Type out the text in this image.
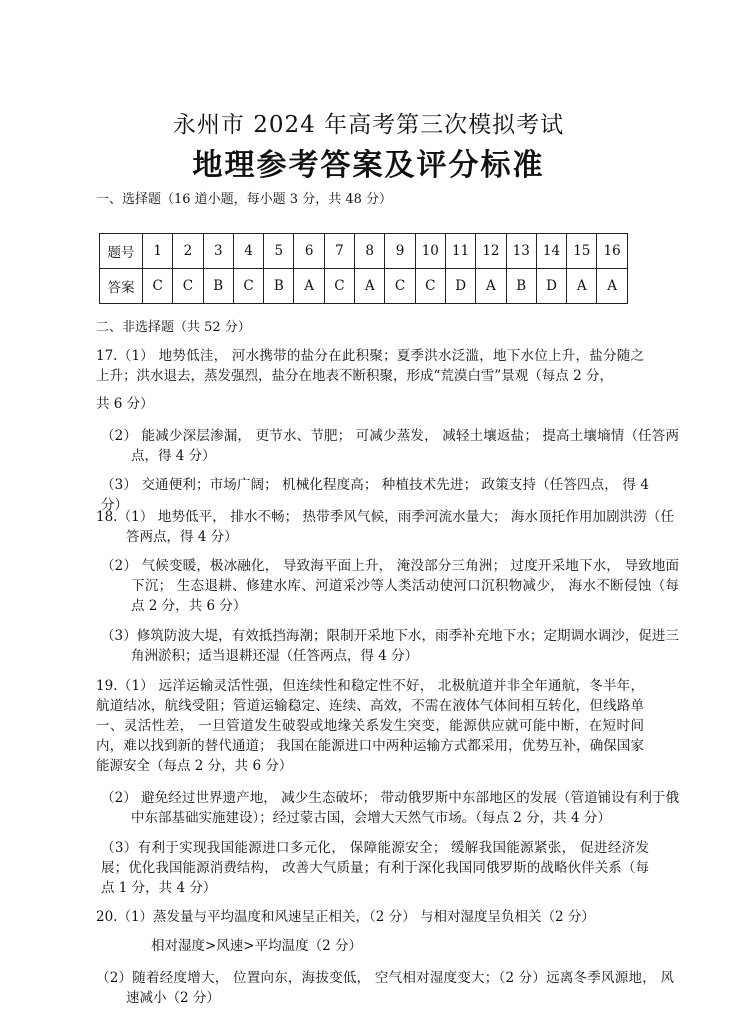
永州市 2024 年高考第三次模拟考试
地理参考答案及评分标准
一、选择题（16 道小题，每小题 3 分，共 48 分）
题号	1	2	3	4	5	6	7	8	9	10	11	12	13	14	15	16
答案	C	C	B	C	B	A	C	A	C	C	D	A	B	D	A	A
二、非选择题（共 52 分）
17.（1） 地势低洼， 河水携带的盐分在此积聚；夏季洪水泛滥，地下水位上升，盐分随之上升；洪水退去，蒸发强烈，盐分在地表不断积聚，形成“荒漠白雪”景观（每点 2 分，
共 6 分）
（2） 能减少深层渗漏， 更节水、节肥； 可减少蒸发， 减轻土壤返盐； 提高土壤墒情（任答两点，得 4 分）
（3） 交通便利；市场广阔； 机械化程度高； 种植技术先进； 政策支持（任答四点， 得 4 分）
18.（1） 地势低平， 排水不畅； 热带季风气候，雨季河流水量大； 海水顶托作用加剧洪涝（任答两点，得 4 分）
（2） 气候变暖，极冰融化， 导致海平面上升， 淹没部分三角洲； 过度开采地下水， 导致地面下沉； 生态退耕、修建水库、河道采沙等人类活动使河口沉积物减少， 海水不断侵蚀（每点 2 分，共 6 分）
（3）修筑防波大堤，有效抵挡海潮；限制开采地下水，雨季补充地下水；定期调水调沙，促进三角洲淤积；适当退耕还湿（任答两点，得 4 分）
19.（1） 远洋运输灵活性强，但连续性和稳定性不好， 北极航道并非全年通航，冬半年，航道结冰，航线受阻；管道运输稳定、连续、高效，不需在液体气体间相互转化，但线路单一、灵活性差， 一旦管道发生破裂或地缘关系发生突变，能源供应就可能中断，在短时间内，难以找到新的替代通道； 我国在能源进口中两种运输方式都采用，优势互补，确保国家能源安全（每点 2 分，共 6 分）
（2） 避免经过世界遗产地， 减少生态破坏； 带动俄罗斯中东部地区的发展（管道铺设有利于俄中东部基础实施建设）；经过蒙古国，会增大天然气市场。（每点 2 分，共 4 分）
（3）有利于实现我国能源进口多元化， 保障能源安全； 缓解我国能源紧张， 促进经济发展；优化我国能源消费结构， 改善大气质量；有利于深化我国同俄罗斯的战略伙伴关系（每点 1 分，共 4 分）
20.（1）蒸发量与平均温度和风速呈正相关，（2 分） 与相对湿度呈负相关（2 分）
相对湿度>风速>平均温度（2 分）
（2）随着经度增大， 位置向东，海拔变低， 空气相对湿度变大；（2 分）远离冬季风源地， 风速减小（2 分）
